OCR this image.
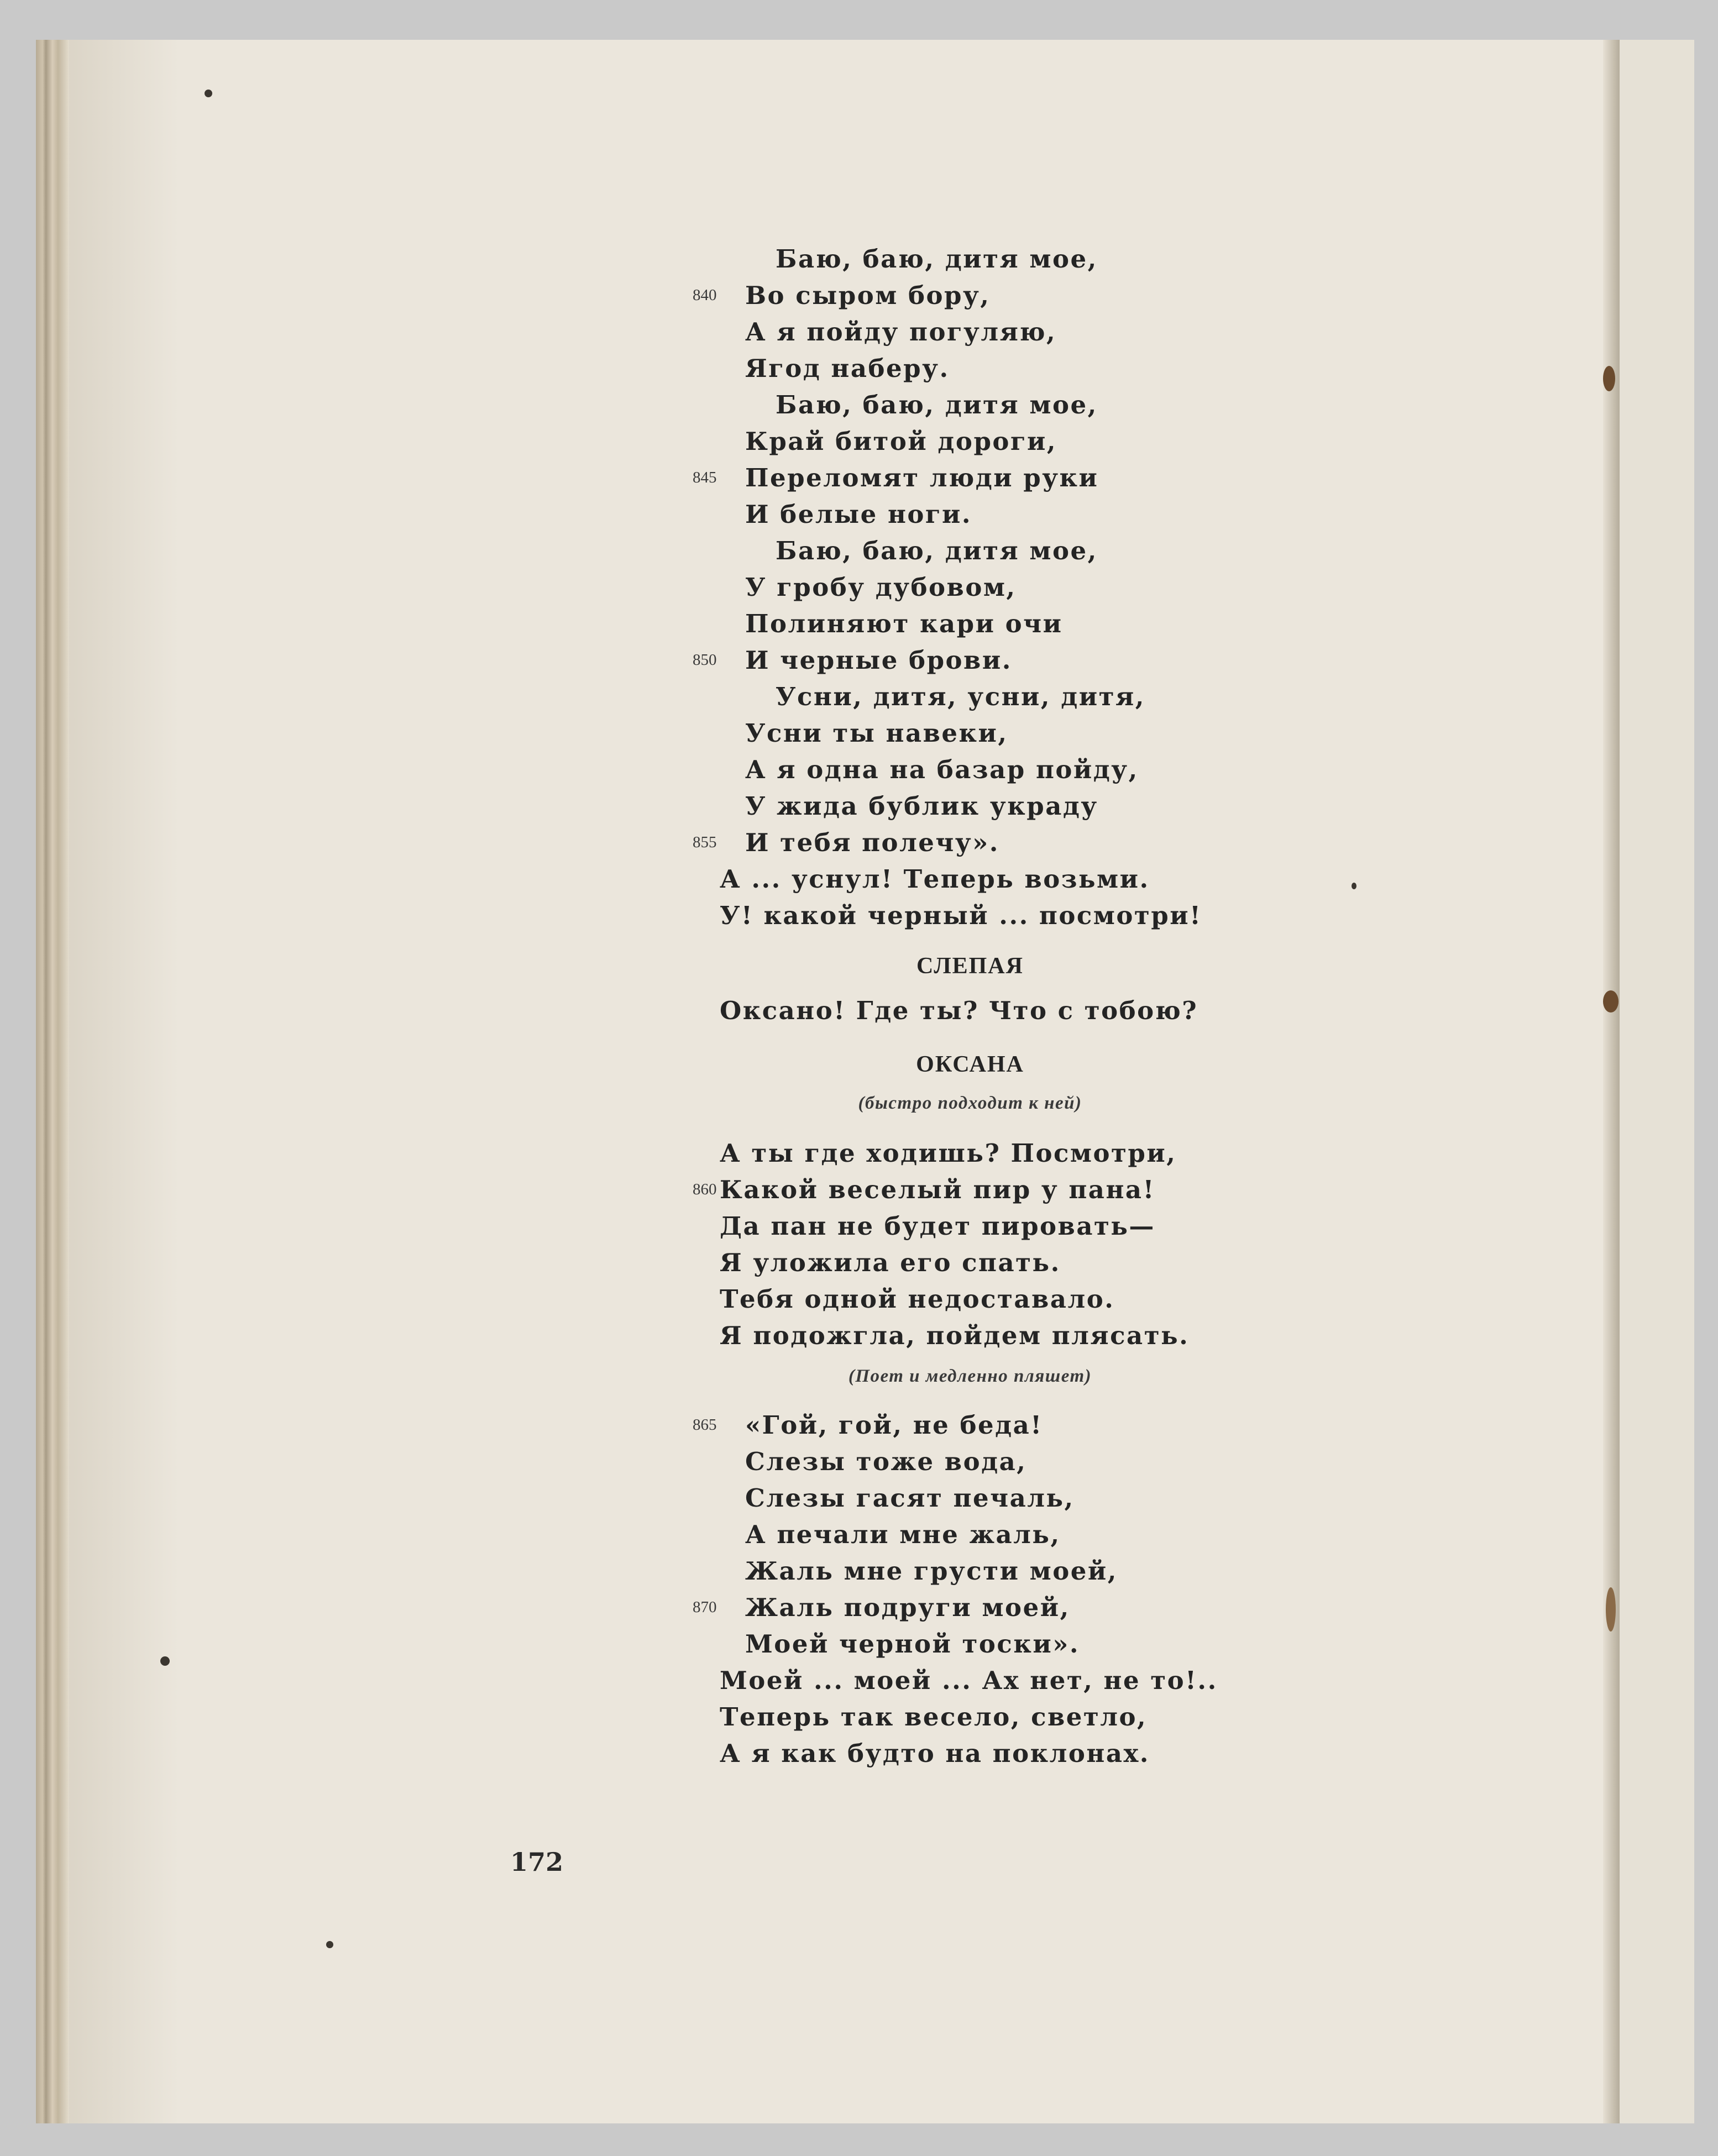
Баю, баю, дитя мое,
Во сыром бору,
А я пойду погуляю,
Ягод наберу.
Баю, баю, дитя мое,
Край битой дороги,
Переломят люди руки
И белые ноги.
Баю, баю, дитя мое,
У гробу дубовом,
Полиняют кари очи
И черные брови.
Усни, дитя, усни, дитя,
Усни ты навеки,
А я одна на базар пойду,
У жида бублик украду
И тебя полечу».
А ... уснул! Теперь возьми.
У! какой черный ... посмотри!
СЛЕПАЯ
Оксано! Где ты? Что с тобою?
ОКСАНА
(быстро подходит к ней)
А ты где ходишь? Посмотри,
Какой веселый пир у пана!
Да пан не будет пировать—
Я уложила его спать.
Тебя одной недоставало.
Я подожгла, пойдем плясать.
(Поет и медленно пляшет)
«Гой, гой, не беда!
Слезы тоже вода,
Слезы гасят печаль,
А печали мне жаль,
Жаль мне грусти моей,
Жаль подруги моей,
Моей черной тоски».
Моей ... моей ... Ах нет, не то!..
Теперь так весело, светло,
А я как будто на поклонах.
840
845
850
855
860
865
870
172
